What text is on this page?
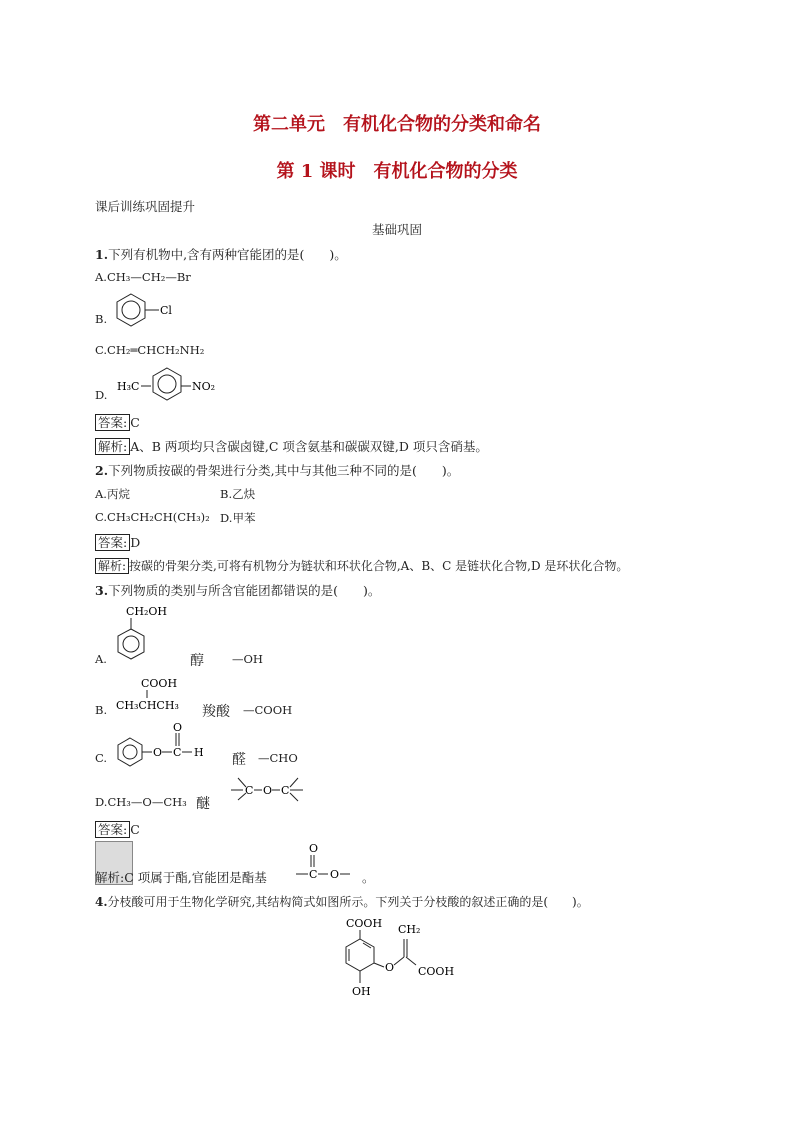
第二单元　有机化合物的分类和命名
第 1 课时　有机化合物的分类
课后训练巩固提升
基础巩固
1.下列有机物中,含有两种官能团的是(　　)。
A.CH₃—CH₂—Br
B.
Cl
C.CH₂═CHCH₂NH₂
D.
H₃C	NO₂
答案: C
解析: A、B 两项均只含碳卤键,C 项含氨基和碳碳双键,D 项只含硝基。
2.下列物质按碳的骨架进行分类,其中与其他三种不同的是(　　)。
A.丙烷	B.乙炔
C.CH₃CH₂CH(CH₃)₂ D.甲苯
答案: D
解析: 按碳的骨架分类,可将有机物分为链状和环状化合物,A、B、C 是链状化合物,D 是环状化合物。
3.下列物质的类别与所含官能团都错误的是(　　)。
A.
CH₂OH
醇 —OH
B.
COOH
CH₃CHCH₃ 羧酸 —COOH
C.	O C
O
H 醛 —CHO
D.CH₃—O—CH₃ 醚
C O C
答案: C
解析:C 项属于酯,官能团是酯基
O
C O 。
4.分枝酸可用于生物化学研究,其结构简式如图所示。下列关于分枝酸的叙述正确的是(　　)。
COOH
OH
O
CH₂
COOH
